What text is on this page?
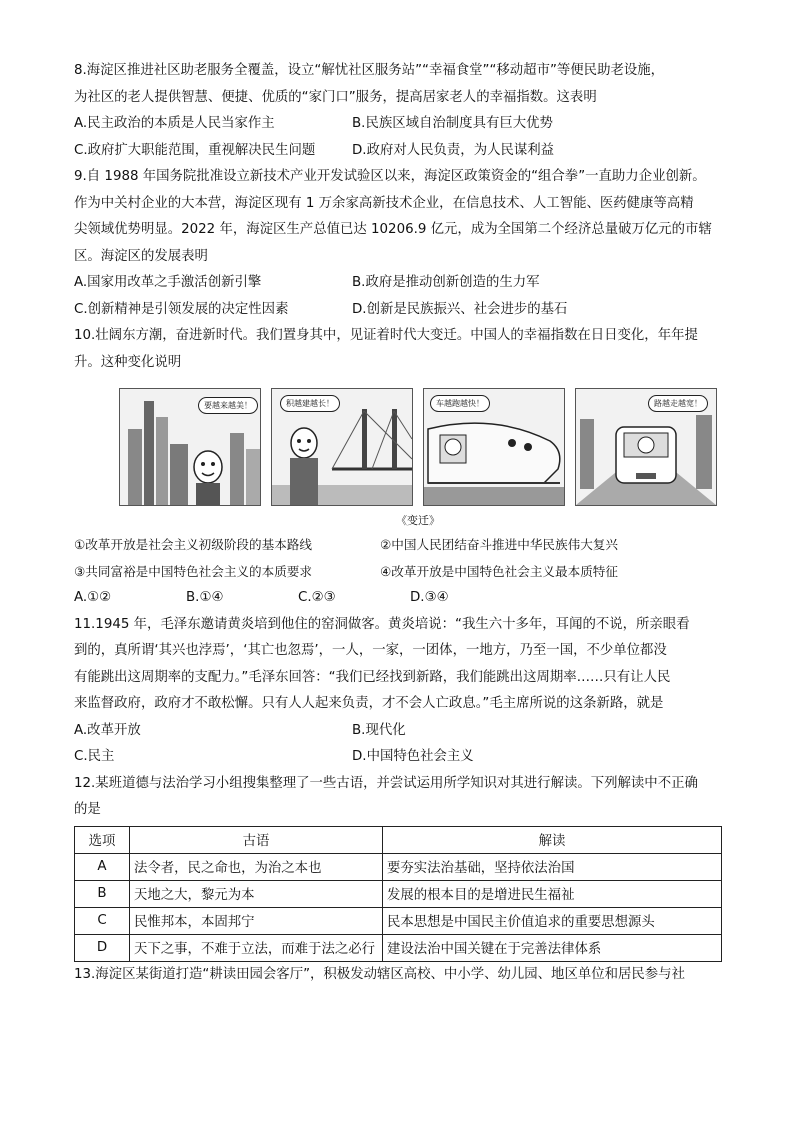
8.海淀区推进社区助老服务全覆盖，设立“解忧社区服务站”“幸福食堂”“移动超市”等便民助老设施，

为社区的老人提供智慧、便捷、优质的“家门口”服务，提高居家老人的幸福指数。这表明

A.民主政治的本质是人民当家作主	B.民族区域自治制度具有巨大优势
C.政府扩大职能范围，重视解决民生问题	D.政府对人民负责，为人民谋利益

9.自 1988 年国务院批准设立新技术产业开发试验区以来，海淀区政策资金的“组合拳”一直助力企业创新。

作为中关村企业的大本营，海淀区现有 1 万余家高新技术企业，在信息技术、人工智能、医药健康等高精

尖领域优势明显。2022 年，海淀区生产总值已达 10206.9 亿元，成为全国第二个经济总量破万亿元的市辖

区。海淀区的发展表明

A.国家用改革之手激活创新引擎	B.政府是推动创新创造的生力军
C.创新精神是引领发展的决定性因素	D.创新是民族振兴、社会进步的基石

10.壮阔东方潮，奋进新时代。我们置身其中，见证着时代大变迁。中国人的幸福指数在日日变化，年年提

升。这种变化说明

要越来越美！	积越建越长！	车越跑越快！	路越走越宽！
《变迁》
①改革开放是社会主义初级阶段的基本路线	②中国人民团结奋斗推进中华民族伟大复兴
③共同富裕是中国特色社会主义的本质要求	④改革开放是中国特色社会主义最本质特征
A.①②	B.①④	C.②③	D.③④

11.1945 年，毛泽东邀请黄炎培到他住的窑洞做客。黄炎培说：“我生六十多年，耳闻的不说，所亲眼看

到的，真所谓‘其兴也浡焉’，‘其亡也忽焉’，一人，一家，一团体，一地方，乃至一国，不少单位都没

有能跳出这周期率的支配力。”毛泽东回答：“我们已经找到新路，我们能跳出这周期率……只有让人民

来监督政府，政府才不敢松懈。只有人人起来负责，才不会人亡政息。”毛主席所说的这条新路，就是

A.改革开放	B.现代化
C.民主	D.中国特色社会主义

12.某班道德与法治学习小组搜集整理了一些古语，并尝试运用所学知识对其进行解读。下列解读中不正确

的是

选项	古语	解读
A	法令者，民之命也，为治之本也	要夯实法治基础，坚持依法治国
B	天地之大，黎元为本	发展的根本目的是增进民生福祉
C	民惟邦本，本固邦宁	民本思想是中国民主价值追求的重要思想源头
D	天下之事，不难于立法，而难于法之必行	建设法治中国关键在于完善法律体系

13.海淀区某街道打造“耕读田园会客厅”，积极发动辖区高校、中小学、幼儿园、地区单位和居民参与社
